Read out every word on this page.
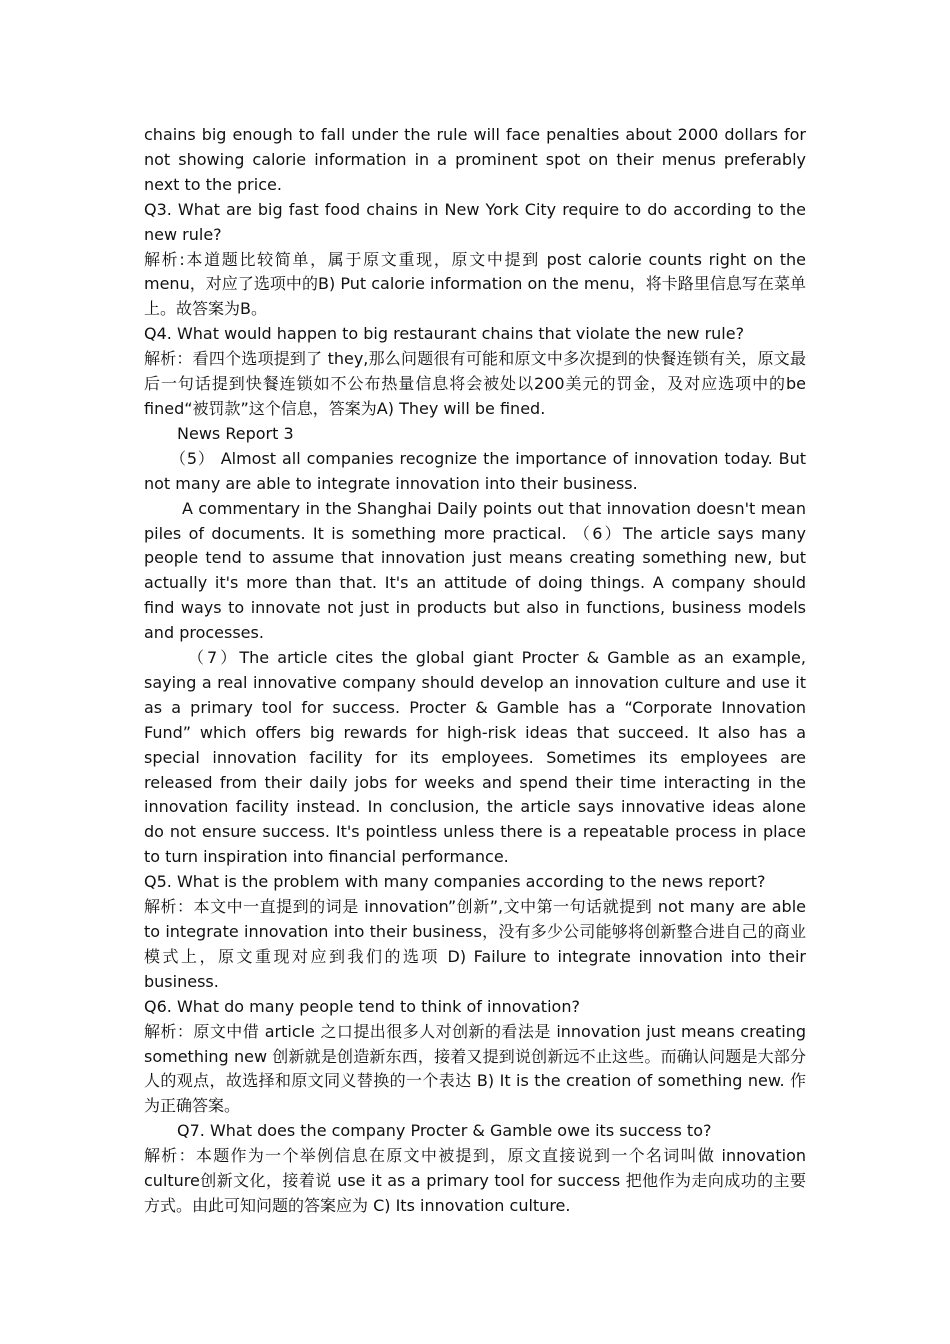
chains big enough to fall under the rule will face penalties about 2000 dollars for not showing calorie information in a prominent spot on their menus preferably next to the price.

Q3. What are big fast food chains in New York City require to do according to the new rule?

解析:本道题比较简单，属于原文重现，原文中提到 post calorie counts right on the menu，对应了选项中的B) Put calorie information on the menu，将卡路里信息写在菜单上。故答案为B。

Q4. What would happen to big restaurant chains that violate the new rule?

解析：看四个选项提到了 they,那么问题很有可能和原文中多次提到的快餐连锁有关，原文最后一句话提到快餐连锁如不公布热量信息将会被处以200美元的罚金，及对应选项中的be fined“被罚款”这个信息，答案为A) They will be fined.

News Report 3

（5） Almost all companies recognize the importance of innovation today. But not many are able to integrate innovation into their business.

A commentary in the Shanghai Daily points out that innovation doesn't mean piles of documents. It is something more practical. （6）The article says many people tend to assume that innovation just means creating something new, but actually it's more than that. It's an attitude of doing things. A company should find ways to innovate not just in products but also in functions, business models and processes.

（7）The article cites the global giant Procter & Gamble as an example, saying a real innovative company should develop an innovation culture and use it as a primary tool for success. Procter & Gamble has a “Corporate Innovation Fund” which offers big rewards for high-risk ideas that succeed. It also has a special innovation facility for its employees. Sometimes its employees are released from their daily jobs for weeks and spend their time interacting in the innovation facility instead. In conclusion, the article says innovative ideas alone do not ensure success. It's pointless unless there is a repeatable process in place to turn inspiration into financial performance.

Q5. What is the problem with many companies according to the news report?

解析：本文中一直提到的词是 innovation”创新”,文中第一句话就提到 not many are able to integrate innovation into their business，没有多少公司能够将创新整合进自己的商业模式上，原文重现对应到我们的选项 D) Failure to integrate innovation into their business.

Q6. What do many people tend to think of innovation?

解析：原文中借 article 之口提出很多人对创新的看法是 innovation just means creating something new 创新就是创造新东西，接着又提到说创新远不止这些。而确认问题是大部分人的观点，故选择和原文同义替换的一个表达 B) It is the creation of something new. 作为正确答案。

Q7. What does the company Procter & Gamble owe its success to?

解析：本题作为一个举例信息在原文中被提到，原文直接说到一个名词叫做 innovation culture创新文化，接着说 use it as a primary tool for success 把他作为走向成功的主要方式。由此可知问题的答案应为 C) Its innovation culture.
